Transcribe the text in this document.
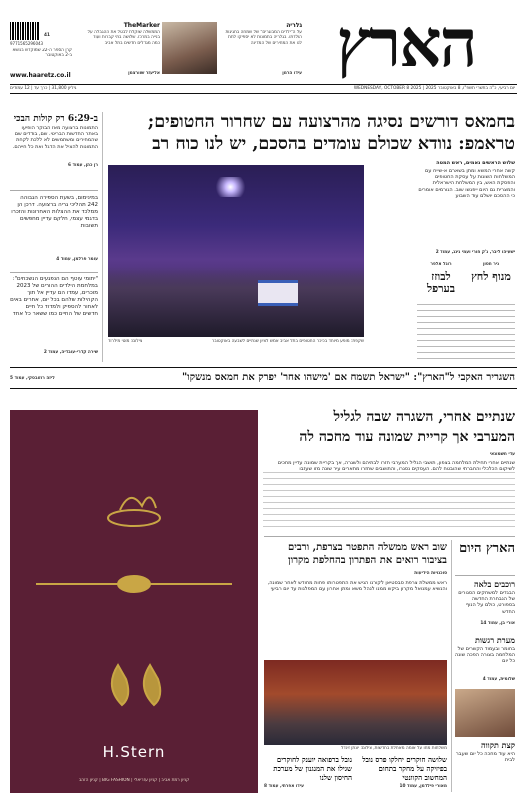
הארץ
גלריה
על ה"ילדים המבוגרים" של שמחה בחגיגות הולדתו. בגלריה בתמונות לא יספיקו לתת לנו את המחירים של המדינה
עידו הרמן
TheMarker
הממשלה שוקלת לבטל את ההגבלה על בנייה במרכז. שלושה בתי קברות ועוד כמה מגדלים חדשים בתל אביב
אליעזר שוורצמן
9771565296043
41
קרן הספר ה-22 שמוקדש בנושא ב-2 באוקטובר
www.haaretz.co.il
יום רביעי, כ"ה בתשרי תשפ"ו, 8 באוקטובר 2025 | WEDNESDAY, OCTOBER 8 2025
גיליון 31,800 | כרך עד | 12 עמודים
בחמאס דורשים נסיגה מהרצועה עם שחרור החטופים;
טראמפ: נוודא שכולם עומדים בהסכם, יש לנו כוח רב
שלוש הראשים נאמים, ראש המטה
קשה אחרי המשא ומתן בשארם א-שייח עם המשלחות השונות על עסקת החטופים והפסקת האש, בין המשלחת הישראלית והמצרית גם היום ייפגשו שוב. הגורמים אומרים כי ההסכם יושלם עוד השבוע
ישעיהו ליבר, ג'ק חורי ועמי גינג, עמוד 2
שקפת: מופע מיוחד בכיכר החטופים בתל אביב אמש לציון שנתיים לשבעה באוקטובר
צילום: מוטי מילרוד
ניר חסון
מנוף לחץ
רוגל אלפר
לבוזז בערפל
ב-6:29 רק קולות הבכי
התמונות ברצועה מאז הבוקר הופיעו באתר החדשות הבריטי. שם, בודדים שם שהמחירים ומשתמשים לא ללכת לקחת התמונות להציל את הדגל ואת כל חייהם.
רן כהן, עמוד 6
במינימום, בשעת הספירה הגבוהה 242 תהליכי גריה ברצועה. דרכן הן ממלכד את ההצלות האחרונות והזכרו בדגמי עצמי, חלקם עדיין מחפשים תשובות
עומר פרלמן, עמוד 4
"יתומי עוטף הם הנפגעים הנשכחים": במלחמת הילדים ההורים של 2023 מוכרים, עמדו הם עדיין אל תוך הקהילות שלהם בכל יום, אחרים באים לאחור להספיק ולמדוד כל חיים חדשים של החיים כמו ששאר כל אחד
שירה קדרי-עובדיה, עמוד 2
השגריר האקבי ל"הארץ": "ישראל תשמח אם 'מישהו אחר' יפרק את חמאס מנשקו"
ליזה רוזובסקי, עמוד 5
H.Stern
קניון רמת אביב | קניון עזריאלי | BIG FASHION | קניון הזהב
שנתיים אחרי, השגרה שבה לגליל
המערבי אך קריית שמונה עוד מחכה לה
עדי חשמונאי
שנתיים אחרי תחילת המלחמה בצפון, תושבי הגליל המערבי חזרו לבתיהם ולשגרה, אך בקריית שמונה עדיין מחכים לשיקום הכלכלי והחברתי שהובטח להם. העסקים נסגרו, והתושבים שחזרו מתארים עיר שונה מזו שעזבו
הארץ היום
רוכבים בלאה
הבגדים למשחקים הסגורים של הנבחרת החדשה בספורט, כולם על הנוף החדש
אורי בן, עמוד 14
מערת רגשות
בחומר ובעמוד הקשרים של המלחמה בצורה הפכה שונה כל יום
שלומית, עמוד 4
קצת תקווה
היא עוד מחכה כל יום שעבר לבית
שוב ראש ממשלה התפטר בצרפת, ורבים בציבור רואים את הפתרון בהחלפת מקרון
סוכנויות הידיעות
ראש ממשלת צרפת סבסטיאן לקורנו הגיש את התפטרותו פחות מחודש לאחר שמונה, והנשיא עמנואל מקרון ביקש ממנו לנהל משא ומתן אחרון עם המפלגות עד יום רביעי
משלחות מחו על אומה מאחלת בחדשות, צילום: יונתן זינדל
שלושה חוקרים יחלקו פרס נובל בפיזיקה על מחקר בתחום המחשוב הקוונטי
מאורי פילדמן, עמוד 10
נובל ברפואה יוענק לחוקרים שגילו את המנגנון של מערכת החיסון שלנו
עידו אפרתי, עמוד 8
